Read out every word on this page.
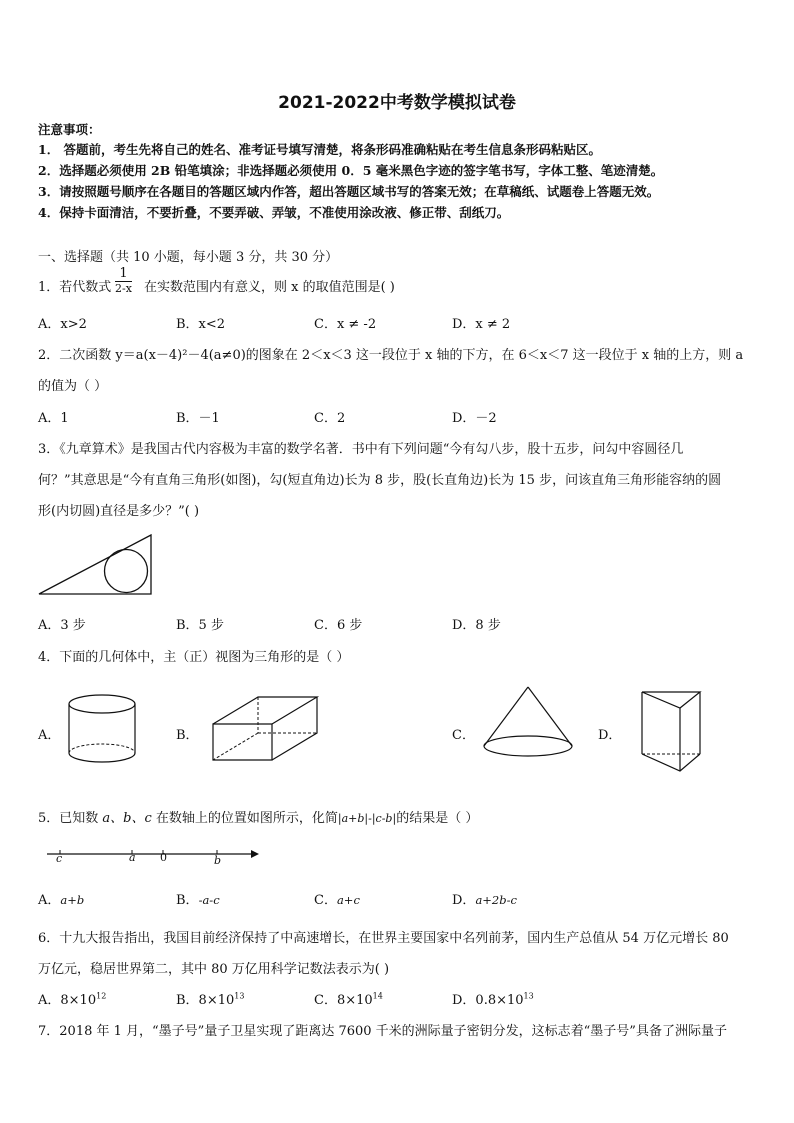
2021-2022中考数学模拟试卷
注意事项：
1． 答题前，考生先将自己的姓名、准考证号填写清楚，将条形码准确粘贴在考生信息条形码粘贴区。
2．选择题必须使用 2B 铅笔填涂；非选择题必须使用 0．5 毫米黑色字迹的签字笔书写，字体工整、笔迹清楚。
3．请按照题号顺序在各题目的答题区域内作答，超出答题区域书写的答案无效；在草稿纸、试题卷上答题无效。
4．保持卡面清洁，不要折叠，不要弄破、弄皱，不准使用涂改液、修正带、刮纸刀。
一、选择题（共 10 小题，每小题 3 分，共 30 分）
1．若代数式
1
2-x 在实数范围内有意义，则 x 的取值范围是( )
A．x>2	B．x<2	C．x ≠ -2	D．x ≠ 2
2．二次函数 y＝a(x－4)²－4(a≠0)的图象在 2＜x＜3 这一段位于 x 轴的下方，在 6＜x＜7 这一段位于 x 轴的上方，则 a
的值为（ ）
A．1	B．－1	C．2	D．－2
3．《九章算术》是我国古代内容极为丰富的数学名著．书中有下列问题“今有勾八步，股十五步，问勾中容圆径几
何？”其意思是“今有直角三角形(如图)，勾(短直角边)长为 8 步，股(长直角边)长为 15 步，问该直角三角形能容纳的圆
形(内切圆)直径是多少？”( )
A．3 步	B．5 步	C．6 步	D．8 步
4．下面的几何体中，主（正）视图为三角形的是（ ）
A．	B．	C．	D．
5．已知数 a、b、c 在数轴上的位置如图所示，化简|a+b|-|c-b|的结果是（ ）
c	a 0	b
A．a+b	B．-a-c	C．a+c	D．a+2b-c
6．十九大报告指出，我国目前经济保持了中高速增长，在世界主要国家中名列前茅，国内生产总值从 54 万亿元增长 80
万亿元，稳居世界第二，其中 80 万亿用科学记数法表示为( )
A．$8\times 10^{12}$	B．$8\times 10^{13}$	C．$8\times 10^{14}$	D．$0.8\times 10^{13}$
7．2018 年 1 月，“墨子号”量子卫星实现了距离达 7600 千米的洲际量子密钥分发，这标志着“墨子号”具备了洲际量子
